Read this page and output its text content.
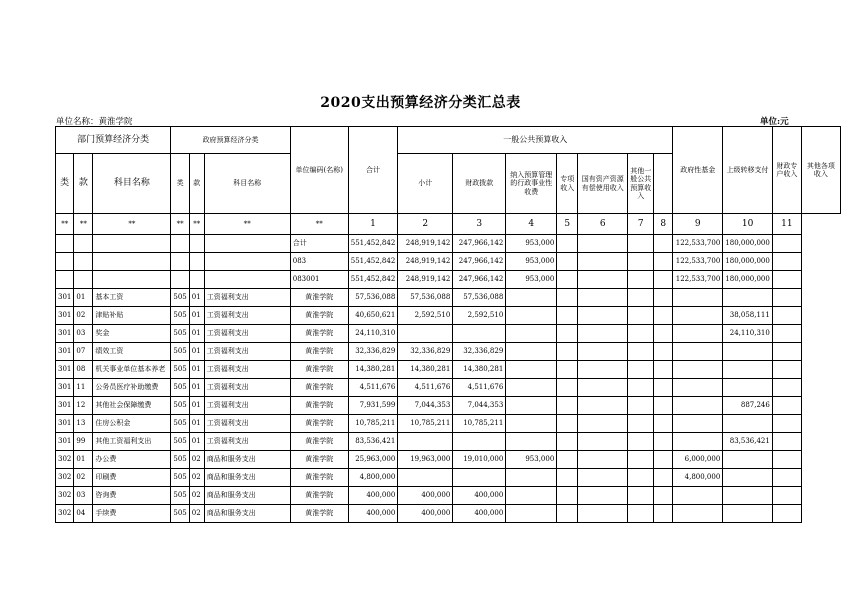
2020支出预算经济分类汇总表
单位名称：黄淮学院	单位:元
部门预算经济分类			政府预算经济分类			单位编码(名称)	合计	一般公共预算收入							政府性基金	上级转移支付	财政专户收入	其他各项收入
类	款	科目名称	类	款	科目名称			小计	财政拨款	纳入预算管理的行政事业性收费	专项收入	国有资产资源有偿使用收入	其他一般公共预算收入					
**	**	**	**	**	**	**	1	2	3	4	5	6	7	8	9	10	11	
						合计	551,452,842	248,919,142	247,966,142	953,000					122,533,700	180,000,000		
						083	551,452,842	248,919,142	247,966,142	953,000					122,533,700	180,000,000		
						083001	551,452,842	248,919,142	247,966,142	953,000					122,533,700	180,000,000		
301	01	基本工资	505	01	工资福利支出	黄淮学院	57,536,088	57,536,088	57,536,088									
301	02	津贴补贴	505	01	工资福利支出	黄淮学院	40,650,621	2,592,510	2,592,510							38,058,111		
301	03	奖金	505	01	工资福利支出	黄淮学院	24,110,310									24,110,310		
301	07	绩效工资	505	01	工资福利支出	黄淮学院	32,336,829	32,336,829	32,336,829									
301	08	机关事业单位基本养老	505	01	工资福利支出	黄淮学院	14,380,281	14,380,281	14,380,281									
301	11	公务员医疗补助缴费	505	01	工资福利支出	黄淮学院	4,511,676	4,511,676	4,511,676									
301	12	其他社会保障缴费	505	01	工资福利支出	黄淮学院	7,931,599	7,044,353	7,044,353							887,246		
301	13	住房公积金	505	01	工资福利支出	黄淮学院	10,785,211	10,785,211	10,785,211									
301	99	其他工资福利支出	505	01	工资福利支出	黄淮学院	83,536,421									83,536,421		
302	01	办公费	505	02	商品和服务支出	黄淮学院	25,963,000	19,963,000	19,010,000	953,000					6,000,000			
302	02	印刷费	505	02	商品和服务支出	黄淮学院	4,800,000								4,800,000			
302	03	咨询费	505	02	商品和服务支出	黄淮学院	400,000	400,000	400,000									
302	04	手续费	505	02	商品和服务支出	黄淮学院	400,000	400,000	400,000									
